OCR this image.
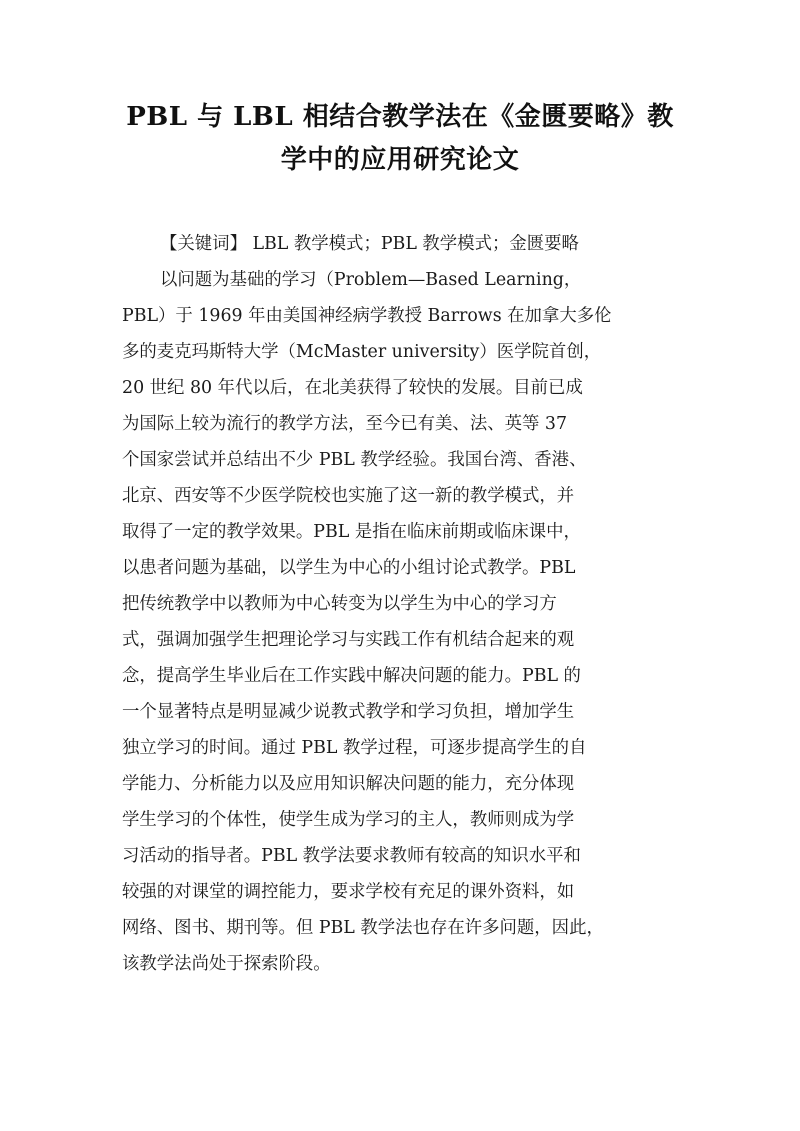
PBL 与 LBL 相结合教学法在《金匮要略》教
学中的应用研究论文
【关键词】 LBL 教学模式；PBL 教学模式；金匮要略
以问题为基础的学习（Problem—Based Learning，
PBL）于 1969 年由美国神经病学教授 Barrows 在加拿大多伦
多的麦克玛斯特大学（McMaster university）医学院首创，
20 世纪 80 年代以后，在北美获得了较快的发展。目前已成
为国际上较为流行的教学方法，至今已有美、法、英等 37
个国家尝试并总结出不少 PBL 教学经验。我国台湾、香港、
北京、西安等不少医学院校也实施了这一新的教学模式，并
取得了一定的教学效果。PBL 是指在临床前期或临床课中，
以患者问题为基础，以学生为中心的小组讨论式教学。PBL
把传统教学中以教师为中心转变为以学生为中心的学习方
式，强调加强学生把理论学习与实践工作有机结合起来的观
念，提高学生毕业后在工作实践中解决问题的能力。PBL 的
一个显著特点是明显减少说教式教学和学习负担，增加学生
独立学习的时间。通过 PBL 教学过程，可逐步提高学生的自
学能力、分析能力以及应用知识解决问题的能力，充分体现
学生学习的个体性，使学生成为学习的主人，教师则成为学
习活动的指导者。PBL 教学法要求教师有较高的知识水平和
较强的对课堂的调控能力，要求学校有充足的课外资料，如
网络、图书、期刊等。但 PBL 教学法也存在许多问题，因此，
该教学法尚处于探索阶段。
